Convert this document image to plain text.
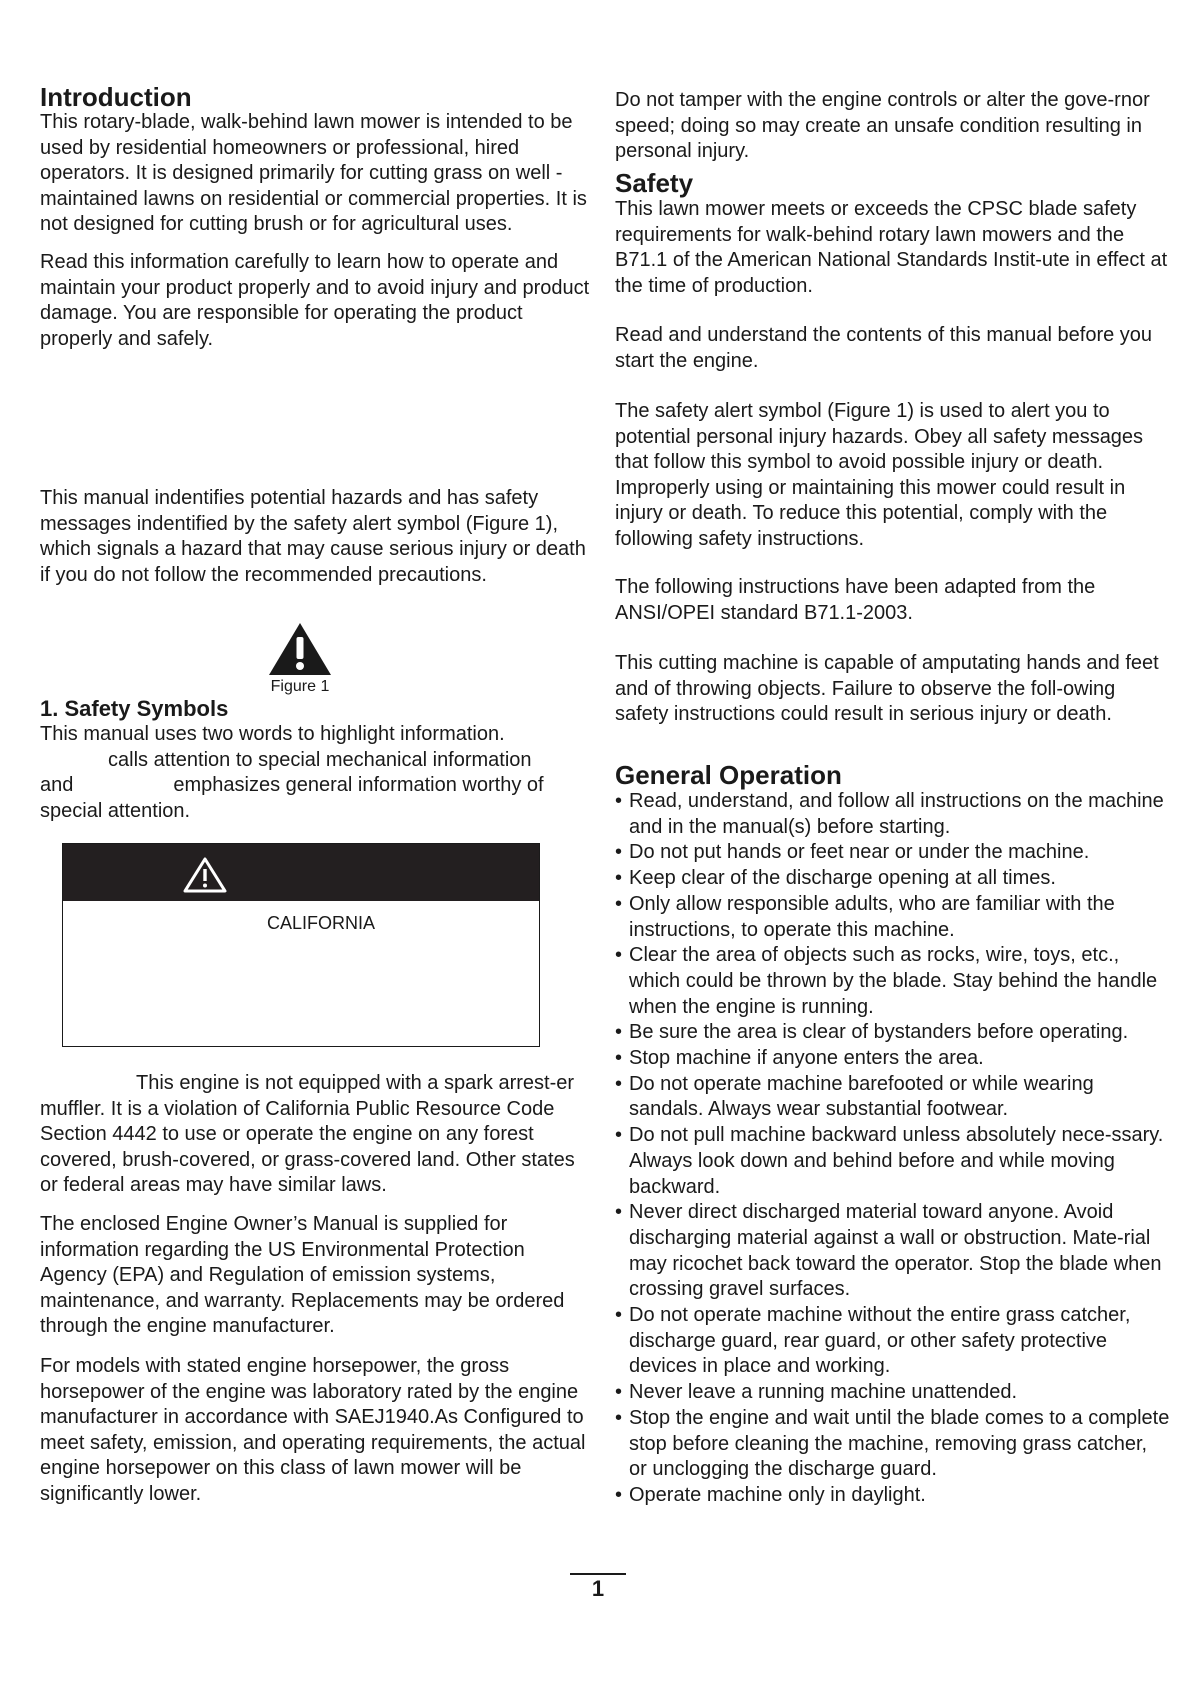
Introduction

This rotary-blade, walk-behind lawn mower is intended to be used by residential homeowners or professional, hired operators. It is designed primarily for cutting grass on well -maintained lawns on residential or commercial properties. It is not designed for cutting brush or for agricultural uses.

Read this information carefully to learn how to operate and maintain your product properly and to avoid injury and product damage. You are responsible for operating the product properly and safely.

This manual indentifies potential hazards and has safety messages indentified by the safety alert symbol (Figure 1), which signals a hazard that may cause serious injury or death if you do not follow the recommended precautions.

Figure 1
1. Safety Symbols
This manual uses two words to highlight information.
calls attention to special mechanical information
and	emphasizes general information worthy of
special attention.
CALIFORNIA

This engine is not equipped with a spark arrest-er muffler. It is a violation of California Public Resource Code Section 4442 to use or operate the engine on any forest covered, brush-covered, or grass-covered land. Other states or federal areas may have similar laws.

The enclosed Engine Owner’s Manual is supplied for information regarding the US Environmental Protection Agency (EPA) and Regulation of emission systems, maintenance, and warranty. Replacements may be ordered through the engine manufacturer.

For models with stated engine horsepower, the gross horsepower of the engine was laboratory rated by the engine manufacturer in accordance with SAEJ1940.As Configured to meet safety, emission, and operating requirements, the actual engine horsepower on this class of lawn mower will be significantly lower.

Do not tamper with the engine controls or alter the gove-rnor speed; doing so may create an unsafe condition resulting in personal injury.

Safety

This lawn mower meets or exceeds the CPSC blade safety requirements for walk-behind rotary lawn mowers and the B71.1 of the American National Standards Instit-ute in effect at the time of production.

Read and understand the contents of this manual before you start the engine.

The safety alert symbol (Figure 1) is used to alert you to potential personal injury hazards. Obey all safety messages that follow this symbol to avoid possible injury or death. Improperly using or maintaining this mower could result in injury or death. To reduce this potential, comply with the following safety instructions.

The following instructions have been adapted from the ANSI/OPEI standard B71.1-2003.

This cutting machine is capable of amputating hands and feet and of throwing objects. Failure to observe the foll-owing safety instructions could result in serious injury or death.

General Operation
• Read, understand, and follow all instructions on the machine and in the manual(s) before starting.
• Do not put hands or feet near or under the machine.
• Keep clear of the discharge opening at all times.
• Only allow responsible adults, who are familiar with the instructions, to operate this machine.
• Clear the area of objects such as rocks, wire, toys, etc., which could be thrown by the blade. Stay behind the handle when the engine is running.
• Be sure the area is clear of bystanders before operating.
• Stop machine if anyone enters the area.
• Do not operate machine barefooted or while wearing sandals. Always wear substantial footwear.
• Do not pull machine backward unless absolutely nece-ssary. Always look down and behind before and while moving backward.
• Never direct discharged material toward anyone. Avoid discharging material against a wall or obstruction. Mate-rial may ricochet back toward the operator. Stop the blade when crossing gravel surfaces.
• Do not operate machine without the entire grass catcher, discharge guard, rear guard, or other safety protective devices in place and working.
• Never leave a running machine unattended.
• Stop the engine and wait until the blade comes to a complete stop before cleaning the machine, removing grass catcher, or unclogging the discharge guard.
• Operate machine only in daylight.
1
